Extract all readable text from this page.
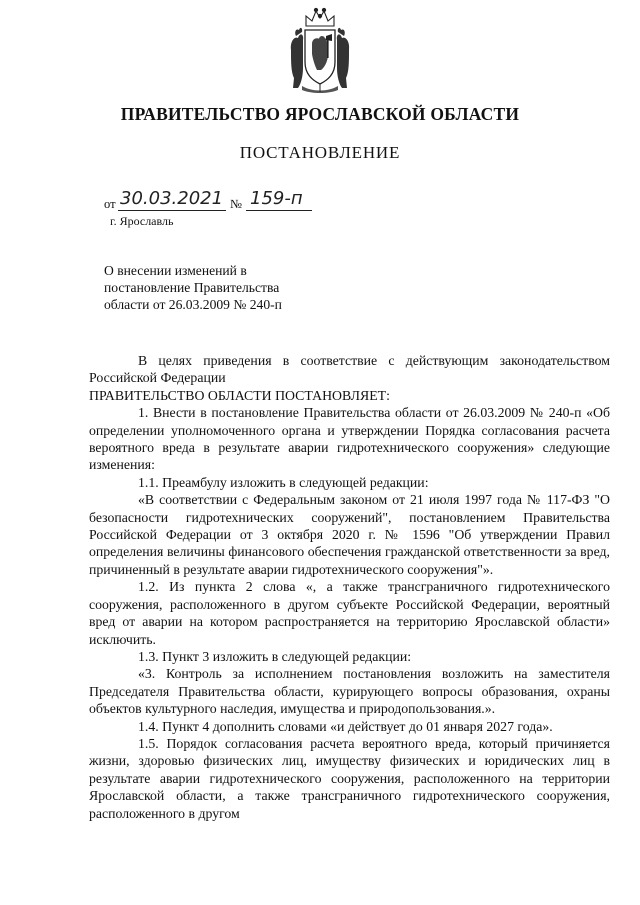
ПРАВИТЕЛЬСТВО ЯРОСЛАВСКОЙ ОБЛАСТИ
ПОСТАНОВЛЕНИЕ
от 30.03.2021 № 159-п
г. Ярославль
О внесении изменений в
постановление Правительства
области от 26.03.2009 № 240-п

В целях приведения в соответствие с действующим законодательством Российской Федерации

ПРАВИТЕЛЬСТВО ОБЛАСТИ ПОСТАНОВЛЯЕТ:

1. Внести в постановление Правительства области от 26.03.2009 № 240-п «Об определении уполномоченного органа и утверждении Порядка согласования расчета вероятного вреда в результате аварии гидротехнического сооружения» следующие изменения:

1.1. Преамбулу изложить в следующей редакции:

«В соответствии с Федеральным законом от 21 июля 1997 года № 117-ФЗ "О безопасности гидротехнических сооружений", постановлением Правительства Российской Федерации от 3 октября 2020 г. № 1596 "Об утверждении Правил определения величины финансового обеспечения гражданской ответственности за вред, причиненный в результате аварии гидротехнического сооружения"».

1.2. Из пункта 2 слова «, а также трансграничного гидротехнического сооружения, расположенного в другом субъекте Российской Федерации, вероятный вред от аварии на котором распространяется на территорию Ярославской области» исключить.

1.3. Пункт 3 изложить в следующей редакции:

«3. Контроль за исполнением постановления возложить на заместителя Председателя Правительства области, курирующего вопросы образования, охраны объектов культурного наследия, имущества и природопользования.».

1.4. Пункт 4 дополнить словами «и действует до 01 января 2027 года».

1.5. Порядок согласования расчета вероятного вреда, который причиняется жизни, здоровью физических лиц, имуществу физических и юридических лиц в результате аварии гидротехнического сооружения, расположенного на территории Ярославской области, а также трансграничного гидротехнического сооружения, расположенного в другом
